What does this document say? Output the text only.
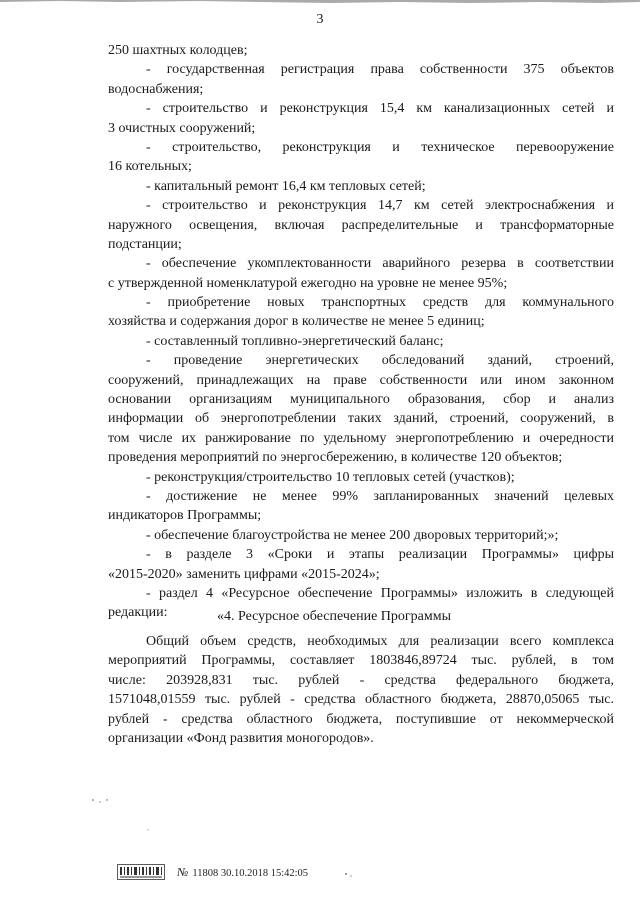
3
250 шахтных колодцев;
- государственная регистрация права собственности 375 объектов
водоснабжения;
- строительство и реконструкция 15,4 км канализационных сетей и
3 очистных сооружений;
- строительство, реконструкция и техническое перевооружение
16 котельных;
- капитальный ремонт 16,4 км тепловых сетей;
- строительство и реконструкция 14,7 км сетей электроснабжения и
наружного освещения, включая распределительные и трансформаторные
подстанции;
- обеспечение укомплектованности аварийного резерва в соответствии
с утвержденной номенклатурой ежегодно на уровне не менее 95%;
- приобретение новых транспортных средств для коммунального
хозяйства и содержания дорог в количестве не менее 5 единиц;
- составленный топливно-энергетический баланс;
- проведение энергетических обследований зданий, строений,
сооружений, принадлежащих на праве собственности или ином законном
основании организациям муниципального образования, сбор и анализ
информации об энергопотреблении таких зданий, строений, сооружений, в
том числе их ранжирование по удельному энергопотреблению и очередности
проведения мероприятий по энергосбережению, в количестве 120 объектов;
- реконструкция/строительство 10 тепловых сетей (участков);
- достижение не менее 99% запланированных значений целевых
индикаторов Программы;
- обеспечение благоустройства не менее 200 дворовых территорий;»;
- в разделе 3 «Сроки и этапы реализации Программы» цифры
«2015-2020» заменить цифрами «2015-2024»;
- раздел 4 «Ресурсное обеспечение Программы» изложить в следующей
редакции:	«4. Ресурсное обеспечение Программы
Общий объем средств, необходимых для реализации всего комплекса
мероприятий Программы, составляет 1803846,89724 тыс. рублей, в том
числе: 203928,831 тыс. рублей - средства федерального бюджета,
1571048,01559 тыс. рублей - средства областного бюджета, 28870,05065 тыс.
рублей - средства областного бюджета, поступившие от некоммерческой
организации «Фонд развития моногородов».
№ 11808 30.10.2018 15:42:05
